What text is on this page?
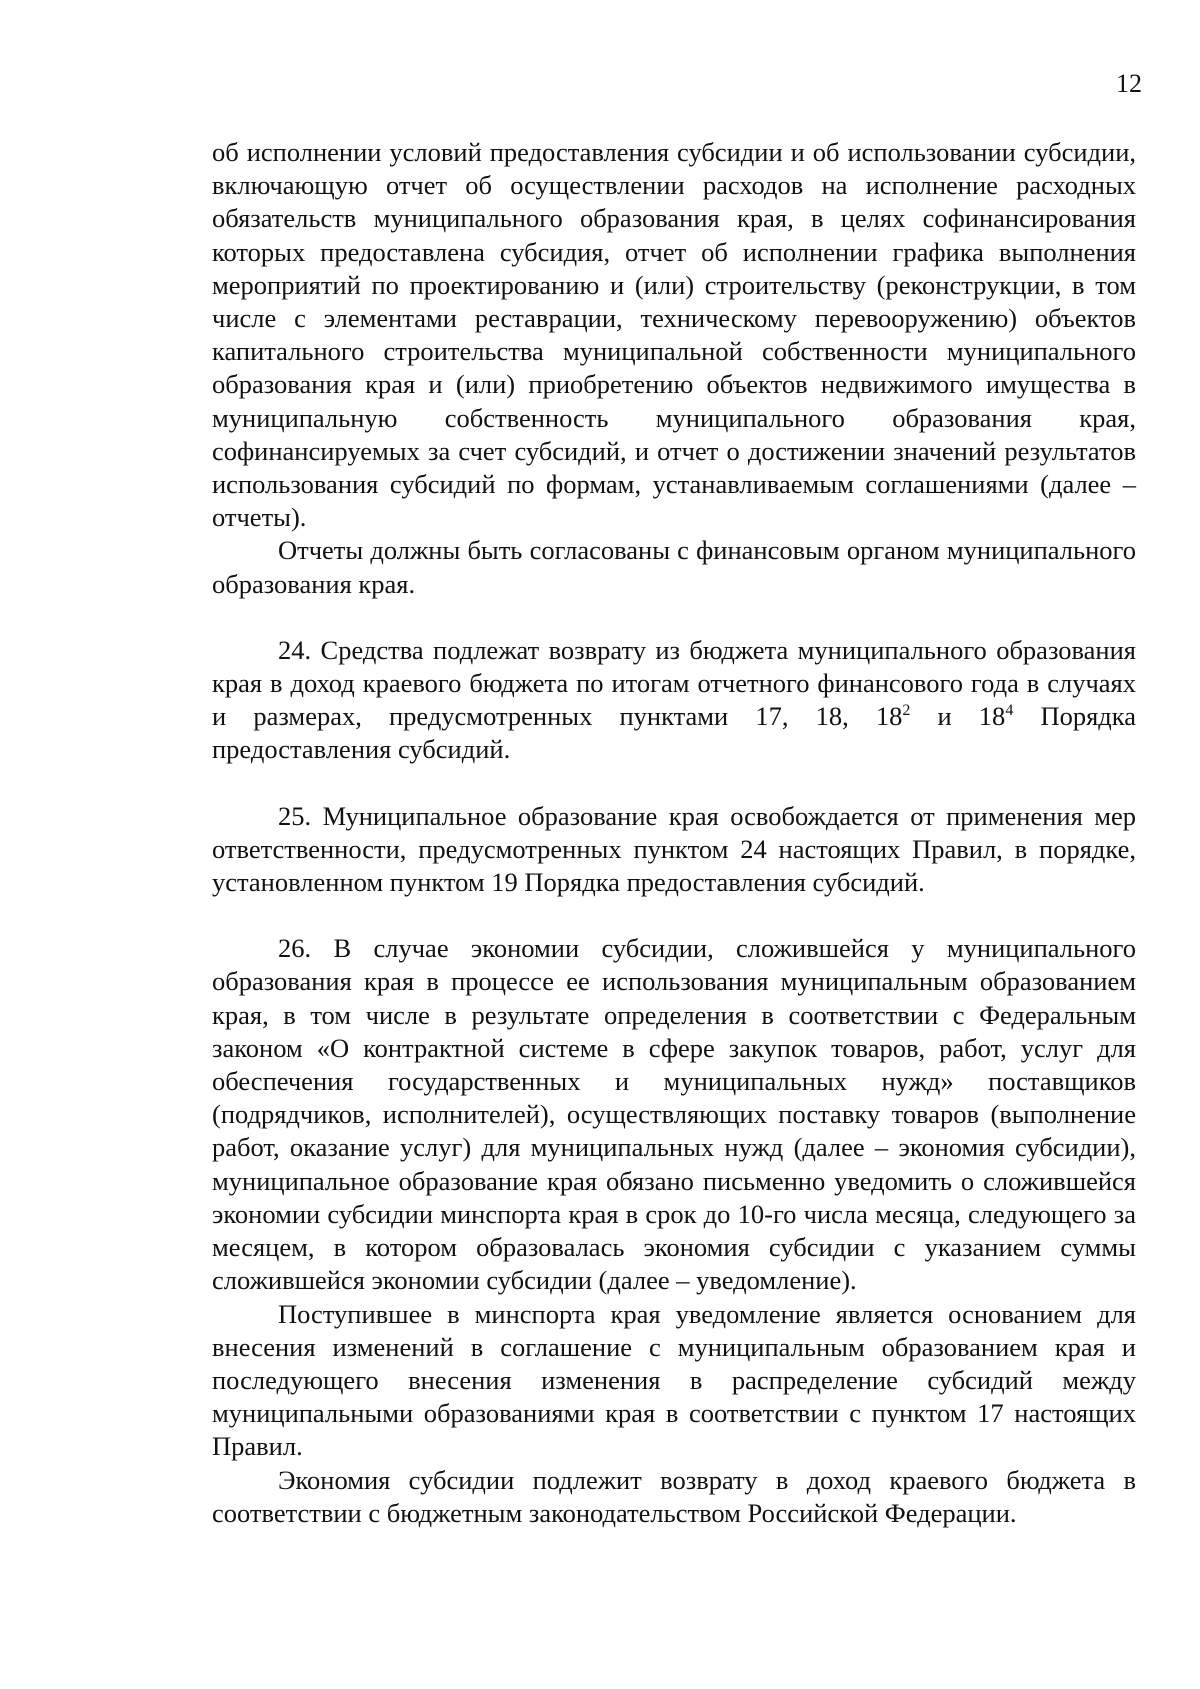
12

об исполнении условий предоставления субсидии и об использовании субсидии, включающую отчет об осуществлении расходов на исполнение расходных обязательств муниципального образования края, в целях софинансирования которых предоставлена субсидия, отчет об исполнении графика выполнения мероприятий по проектированию и (или) строительству (реконструкции, в том числе с элементами реставрации, техническому перевооружению) объектов капитального строительства муниципальной собственности муниципального образования края и (или) приобретению объектов недвижимого имущества в муниципальную собственность муниципального образования края, софинансируемых за счет субсидий, и отчет о достижении значений результатов использования субсидий по формам, устанавливаемым соглашениями (далее – отчеты).

Отчеты должны быть согласованы с финансовым органом муниципального образования края.

24. Средства подлежат возврату из бюджета муниципального образования края в доход краевого бюджета по итогам отчетного финансового года в случаях и размерах, предусмотренных пунктами 17, 18, $18^2$ и $18^4$ Порядка предоставления субсидий.

25. Муниципальное образование края освобождается от применения мер ответственности, предусмотренных пунктом 24 настоящих Правил, в порядке, установленном пунктом 19 Порядка предоставления субсидий.

26. В случае экономии субсидии, сложившейся у муниципального образования края в процессе ее использования муниципальным образованием края, в том числе в результате определения в соответствии с Федеральным законом «О контрактной системе в сфере закупок товаров, работ, услуг для обеспечения государственных и муниципальных нужд» поставщиков (подрядчиков, исполнителей), осуществляющих поставку товаров (выполнение работ, оказание услуг) для муниципальных нужд (далее – экономия субсидии), муниципальное образование края обязано письменно уведомить о сложившейся экономии субсидии минспорта края в срок до 10-го числа месяца, следующего за месяцем, в котором образовалась экономия субсидии с указанием суммы сложившейся экономии субсидии (далее – уведомление).

Поступившее в минспорта края уведомление является основанием для внесения изменений в соглашение с муниципальным образованием края и последующего внесения изменения в распределение субсидий между муниципальными образованиями края в соответствии с пунктом 17 настоящих Правил.

Экономия субсидии подлежит возврату в доход краевого бюджета в соответствии с бюджетным законодательством Российской Федерации.
